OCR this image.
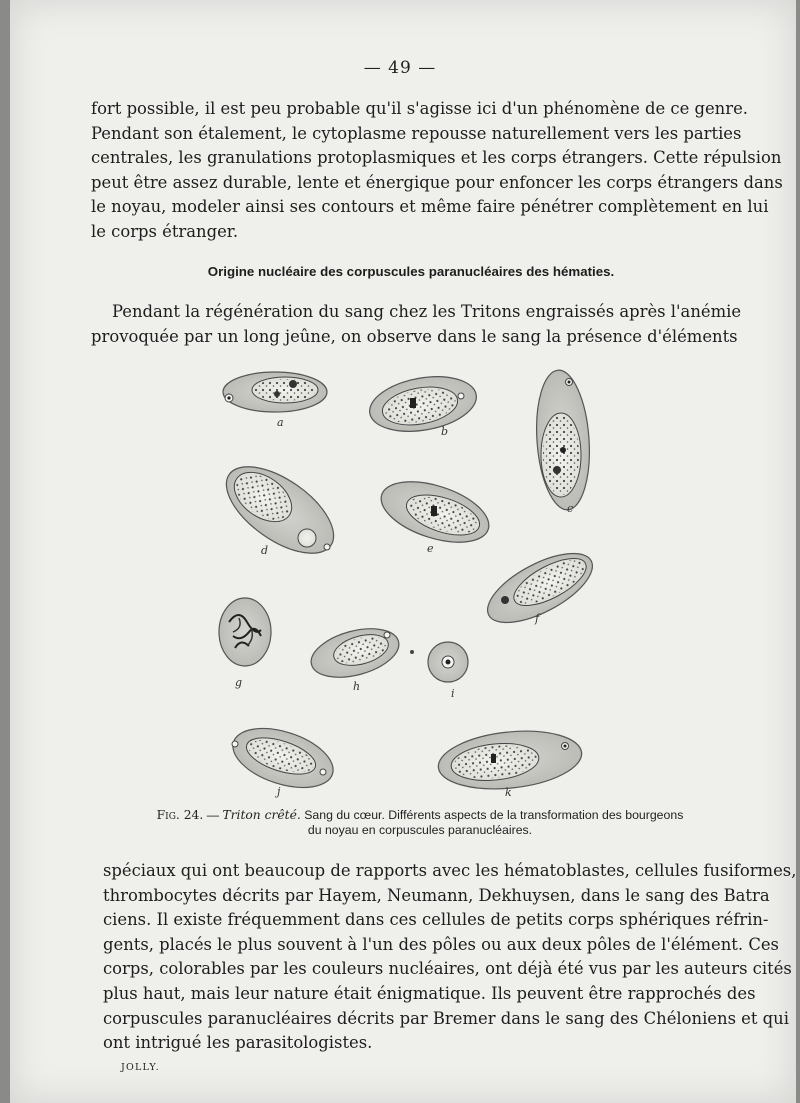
— 49 —
fort possible, il est peu probable qu'il s'agisse ici d'un phénomène de ce genre.
Pendant son étalement, le cytoplasme repousse naturellement vers les parties
centrales, les granulations protoplasmiques et les corps étrangers. Cette répulsion
peut être assez durable, lente et énergique pour enfoncer les corps étrangers dans
le noyau, modeler ainsi ses contours et même faire pénétrer complètement en lui
le corps étranger.
Origine nucléaire des corpuscules paranucléaires des hématies.
Pendant la régénération du sang chez les Tritons engraissés après l'anémie
provoquée par un long jeûne, on observe dans le sang la présence d'éléments
a
b
c
d	e
f
g	h
i
j	k
Fig. 24. — Triton crêté. Sang du cœur. Différents aspects de la transformation des bourgeons
du noyau en corpuscules paranucléaires.
spéciaux qui ont beaucoup de rapports avec les hématoblastes, cellules fusiformes,
thrombocytes décrits par Hayem, Neumann, Dekhuysen, dans le sang des Batra
ciens. Il existe fréquemment dans ces cellules de petits corps sphériques réfrin-
gents, placés le plus souvent à l'un des pôles ou aux deux pôles de l'élément. Ces
corps, colorables par les couleurs nucléaires, ont déjà été vus par les auteurs cités
plus haut, mais leur nature était énigmatique. Ils peuvent être rapprochés des
corpuscules paranucléaires décrits par Bremer dans le sang des Chéloniens et qui
ont intrigué les parasitologistes.
JOLLY.
